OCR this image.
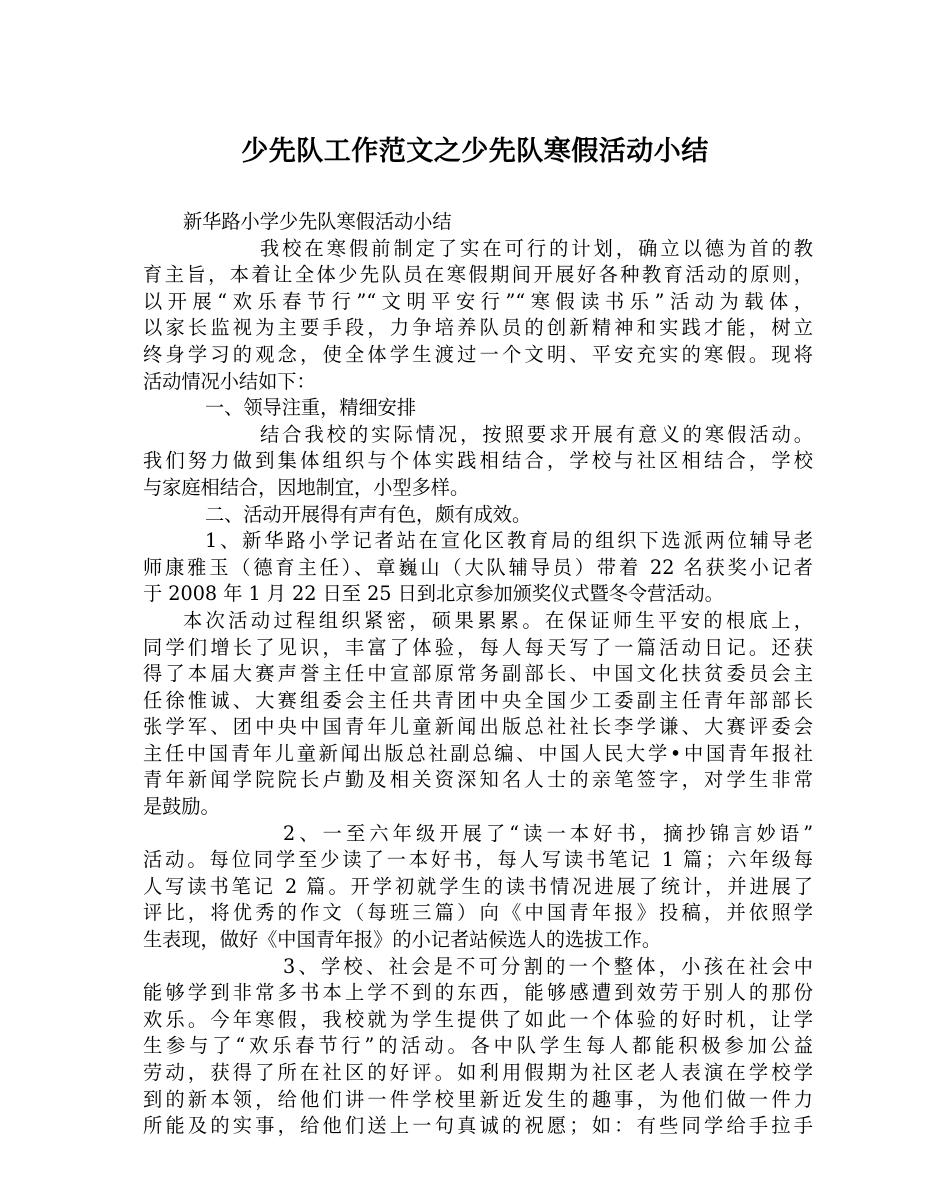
少先队工作范文之少先队寒假活动小结
新华路小学少先队寒假活动小结
我校在寒假前制定了实在可行的计划，确立以德为首的教
育主旨，本着让全体少先队员在寒假期间开展好各种教育活动的原则，
以开展“欢乐春节行”“文明平安行”“寒假读书乐”活动为载体，
以家长监视为主要手段，力争培养队员的创新精神和实践才能，树立
终身学习的观念，使全体学生渡过一个文明、平安充实的寒假。现将
活动情况小结如下：
一、领导注重，精细安排
结合我校的实际情况，按照要求开展有意义的寒假活动。
我们努力做到集体组织与个体实践相结合，学校与社区相结合，学校
与家庭相结合，因地制宜，小型多样。
二、活动开展得有声有色，颇有成效。
1、新华路小学记者站在宣化区教育局的组织下选派两位辅导老
师康雅玉（德育主任）、章巍山（大队辅导员）带着 22 名获奖小记者
于 2008 年 1 月 22 日至 25 日到北京参加颁奖仪式暨冬令营活动。
本次活动过程组织紧密，硕果累累。在保证师生平安的根底上，
同学们增长了见识，丰富了体验，每人每天写了一篇活动日记。还获
得了本届大赛声誉主任中宣部原常务副部长、中国文化扶贫委员会主
任徐惟诚、大赛组委会主任共青团中央全国少工委副主任青年部部长
张学军、团中央中国青年儿童新闻出版总社社长李学谦、大赛评委会
主任中国青年儿童新闻出版总社副总编、中国人民大学•中国青年报社
青年新闻学院院长卢勤及相关资深知名人士的亲笔签字，对学生非常
是鼓励。
2、一至六年级开展了“读一本好书，摘抄锦言妙语”
活动。每位同学至少读了一本好书，每人写读书笔记 1 篇；六年级每
人写读书笔记 2 篇。开学初就学生的读书情况进展了统计，并进展了
评比，将优秀的作文（每班三篇）向《中国青年报》投稿，并依照学
生表现，做好《中国青年报》的小记者站候选人的选拔工作。
3、学校、社会是不可分割的一个整体，小孩在社会中
能够学到非常多书本上学不到的东西，能够感遭到效劳于别人的那份
欢乐。今年寒假，我校就为学生提供了如此一个体验的好时机，让学
生参与了“欢乐春节行”的活动。各中队学生每人都能积极参加公益
劳动，获得了所在社区的好评。如利用假期为社区老人表演在学校学
到的新本领，给他们讲一件学校里新近发生的趣事，为他们做一件力
所能及的实事，给他们送上一句真诚的祝愿；如：有些同学给手拉手
